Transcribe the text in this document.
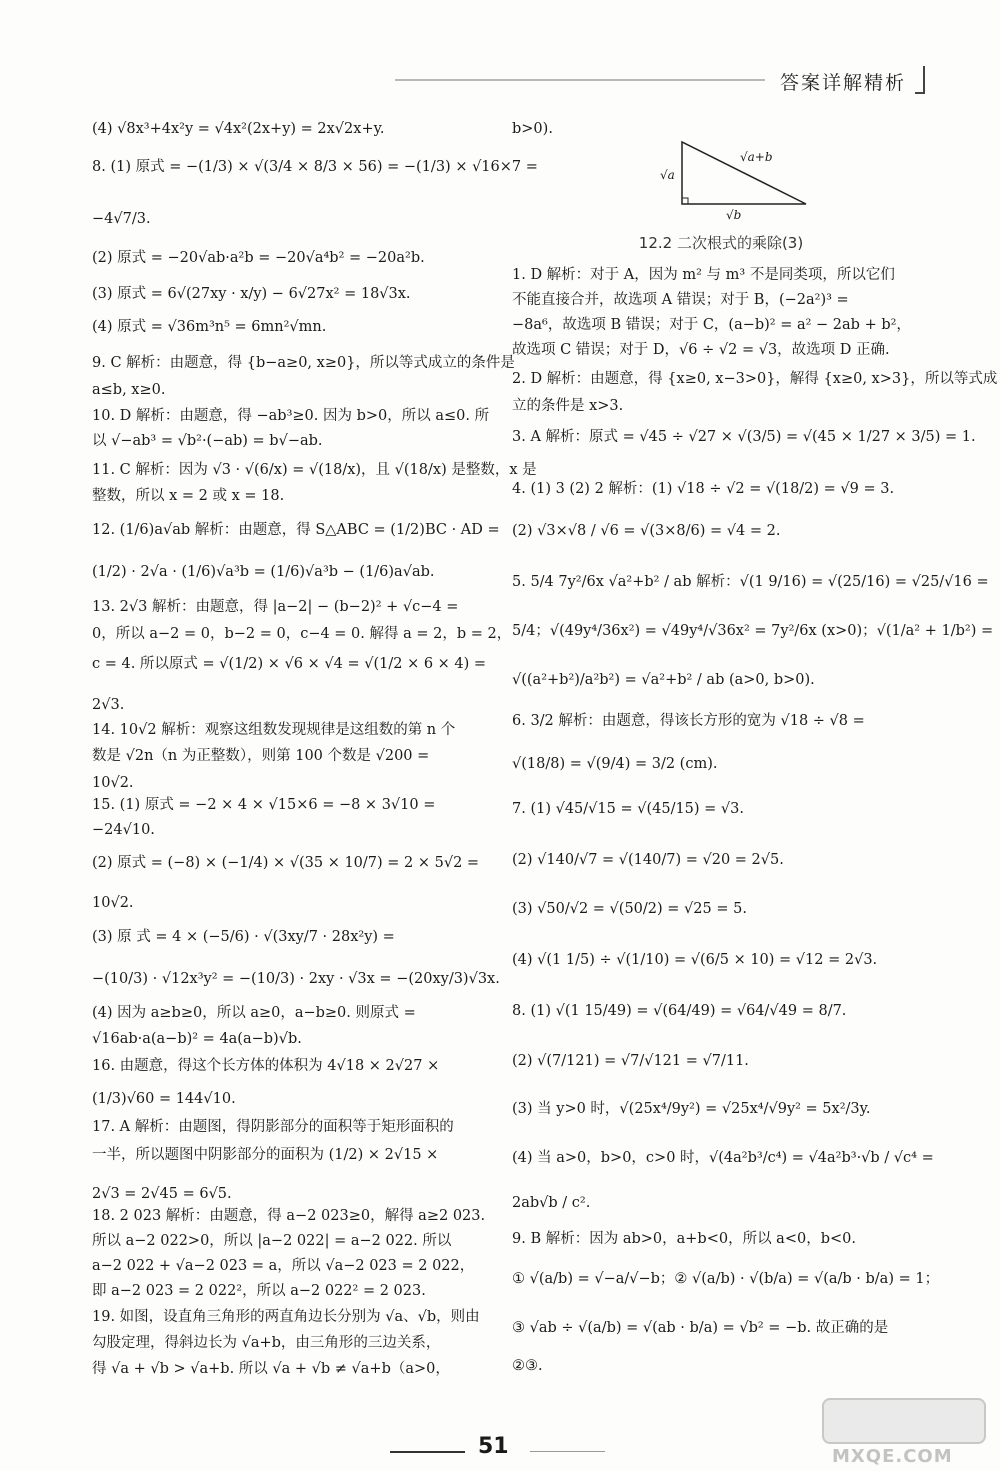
答案详解精析
(4) √8x³+4x²y = √4x²(2x+y) = 2x√2x+y.
8. (1) 原式 = −(1/3) × √(3/4 × 8/3 × 56) = −(1/3) × √16×7 =
−4√7/3.
(2) 原式 = −20√ab·a²b = −20√a⁴b² = −20a²b.
(3) 原式 = 6√(27xy · x/y) − 6√27x² = 18√3x.
(4) 原式 = √36m³n⁵ = 6mn²√mn.
9. C 解析：由题意，得 {b−a≥0, x≥0}，所以等式成立的条件是
a≤b, x≥0.
10. D 解析：由题意，得 −ab³≥0. 因为 b>0，所以 a≤0. 所
以 √−ab³ = √b²·(−ab) = b√−ab.
11. C 解析：因为 √3 · √(6/x) = √(18/x)，且 √(18/x) 是整数，x 是
整数，所以 x = 2 或 x = 18.
12. (1/6)a√ab 解析：由题意，得 S△ABC = (1/2)BC · AD =
(1/2) · 2√a · (1/6)√a³b = (1/6)√a³b − (1/6)a√ab.
13. 2√3 解析：由题意，得 |a−2| − (b−2)² + √c−4 =
0，所以 a−2 = 0，b−2 = 0，c−4 = 0. 解得 a = 2，b = 2，
c = 4. 所以原式 = √(1/2) × √6 × √4 = √(1/2 × 6 × 4) =
2√3.
14. 10√2 解析：观察这组数发现规律是这组数的第 n 个
数是 √2n（n 为正整数），则第 100 个数是 √200 =
10√2.
15. (1) 原式 = −2 × 4 × √15×6 = −8 × 3√10 =
−24√10.
(2) 原式 = (−8) × (−1/4) × √(35 × 10/7) = 2 × 5√2 =
10√2.
(3) 原 式 = 4 × (−5/6) · √(3xy/7 · 28x²y) =
−(10/3) · √12x³y² = −(10/3) · 2xy · √3x = −(20xy/3)√3x.
(4) 因为 a≥b≥0，所以 a≥0，a−b≥0. 则原式 =
√16ab·a(a−b)² = 4a(a−b)√b.
16. 由题意，得这个长方体的体积为 4√18 × 2√27 ×
(1/3)√60 = 144√10.
17. A 解析：由题图，得阴影部分的面积等于矩形面积的
一半，所以题图中阴影部分的面积为 (1/2) × 2√15 ×
2√3 = 2√45 = 6√5.
18. 2 023 解析：由题意，得 a−2 023≥0，解得 a≥2 023.
所以 a−2 022>0，所以 |a−2 022| = a−2 022. 所以
a−2 022 + √a−2 023 = a，所以 √a−2 023 = 2 022，
即 a−2 023 = 2 022²，所以 a−2 022² = 2 023.
19. 如图，设直角三角形的两直角边长分别为 √a、√b，则由
勾股定理，得斜边长为 √a+b，由三角形的三边关系，
得 √a + √b > √a+b. 所以 √a + √b ≠ √a+b（a>0，
b>0).
12.2 二次根式的乘除(3)
1. D 解析：对于 A，因为 m² 与 m³ 不是同类项，所以它们
不能直接合并，故选项 A 错误；对于 B，(−2a²)³ =
−8a⁶，故选项 B 错误；对于 C，(a−b)² = a² − 2ab + b²，
故选项 C 错误；对于 D，√6 ÷ √2 = √3，故选项 D 正确.
2. D 解析：由题意，得 {x≥0, x−3>0}，解得 {x≥0, x>3}，所以等式成
立的条件是 x>3.
3. A 解析：原式 = √45 ÷ √27 × √(3/5) = √(45 × 1/27 × 3/5) = 1.
4. (1) 3 (2) 2 解析：(1) √18 ÷ √2 = √(18/2) = √9 = 3.
(2) √3×√8 / √6 = √(3×8/6) = √4 = 2.
5. 5/4 7y²/6x √a²+b² / ab 解析：√(1 9/16) = √(25/16) = √25/√16 =
5/4；√(49y⁴/36x²) = √49y⁴/√36x² = 7y²/6x (x>0)；√(1/a² + 1/b²) =
√((a²+b²)/a²b²) = √a²+b² / ab (a>0, b>0).
6. 3/2 解析：由题意，得该长方形的宽为 √18 ÷ √8 =
√(18/8) = √(9/4) = 3/2 (cm).
7. (1) √45/√15 = √(45/15) = √3.
(2) √140/√7 = √(140/7) = √20 = 2√5.
(3) √50/√2 = √(50/2) = √25 = 5.
(4) √(1 1/5) ÷ √(1/10) = √(6/5 × 10) = √12 = 2√3.
8. (1) √(1 15/49) = √(64/49) = √64/√49 = 8/7.
(2) √(7/121) = √7/√121 = √7/11.
(3) 当 y>0 时，√(25x⁴/9y²) = √25x⁴/√9y² = 5x²/3y.
(4) 当 a>0，b>0，c>0 时，√(4a²b³/c⁴) = √4a²b³·√b / √c⁴ =
2ab√b / c².
9. B 解析：因为 ab>0，a+b<0，所以 a<0，b<0.
① √(a/b) = √−a/√−b；② √(a/b) · √(b/a) = √(a/b · b/a) = 1；
③ √ab ÷ √(a/b) = √(ab · b/a) = √b² = −b. 故正确的是
②③.
√a+b
√a
√b
51	MXQE.COM
